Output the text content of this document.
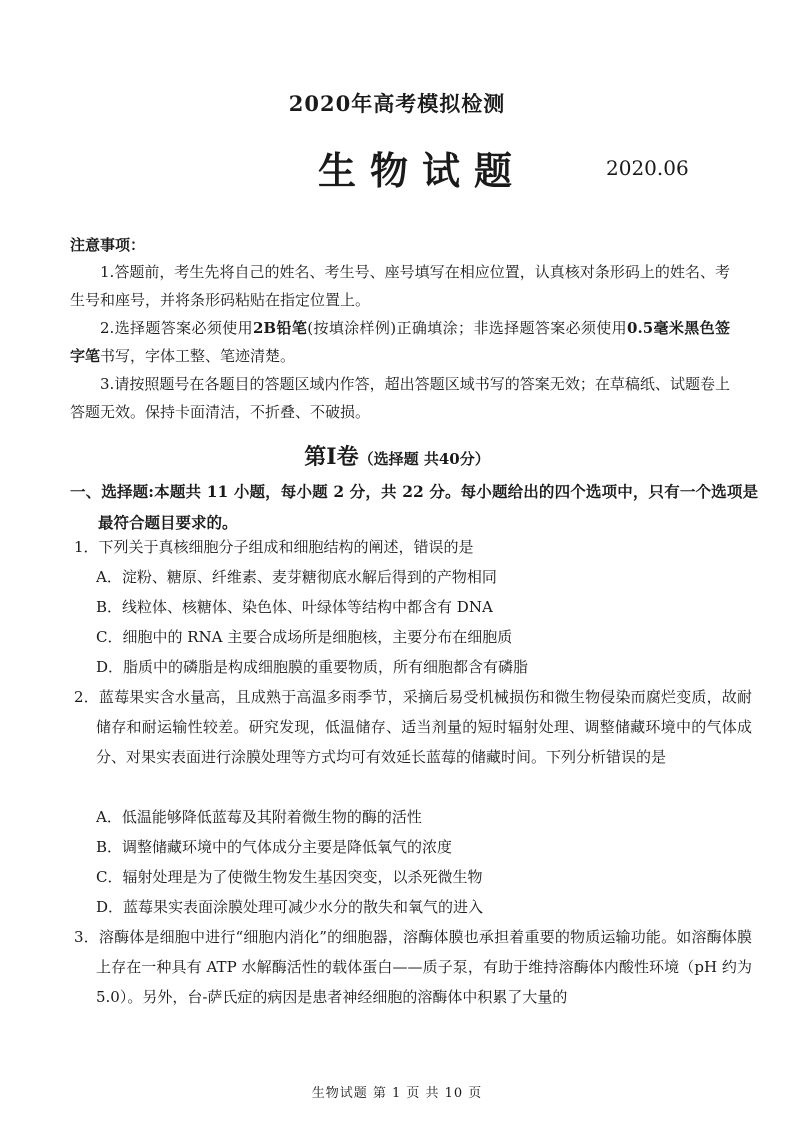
2020年高考模拟检测
生物试题	2020.06
注意事项：
1.答题前，考生先将自己的姓名、考生号、座号填写在相应位置，认真核对条形码上的姓名、考生号和座号，并将条形码粘贴在指定位置上。
2.选择题答案必须使用2B铅笔(按填涂样例)正确填涂；非选择题答案必须使用0.5毫米黑色签字笔书写，字体工整、笔迹清楚。
3.请按照题号在各题目的答题区域内作答，超出答题区域书写的答案无效；在草稿纸、试题卷上答题无效。保持卡面清洁，不折叠、不破损。
第Ⅰ卷（选择题 共40分）
一、选择题:本题共 11 小题，每小题 2 分，共 22 分。每小题给出的四个选项中，只有一个选项是最符合题目要求的。
1．下列关于真核细胞分子组成和细胞结构的阐述，错误的是
A．淀粉、糖原、纤维素、麦芽糖彻底水解后得到的产物相同
B．线粒体、核糖体、染色体、叶绿体等结构中都含有 DNA
C．细胞中的 RNA 主要合成场所是细胞核，主要分布在细胞质
D．脂质中的磷脂是构成细胞膜的重要物质，所有细胞都含有磷脂
2．蓝莓果实含水量高，且成熟于高温多雨季节，采摘后易受机械损伤和微生物侵染而腐烂变质，故耐储存和耐运输性较差。研究发现，低温储存、适当剂量的短时辐射处理、调整储藏环境中的气体成分、对果实表面进行涂膜处理等方式均可有效延长蓝莓的储藏时间。下列分析错误的是
A．低温能够降低蓝莓及其附着微生物的酶的活性
B．调整储藏环境中的气体成分主要是降低氧气的浓度
C．辐射处理是为了使微生物发生基因突变，以杀死微生物
D．蓝莓果实表面涂膜处理可减少水分的散失和氧气的进入
3．溶酶体是细胞中进行“细胞内消化”的细胞器，溶酶体膜也承担着重要的物质运输功能。如溶酶体膜上存在一种具有 ATP 水解酶活性的载体蛋白——质子泵，有助于维持溶酶体内酸性环境（pH 约为 5.0）。另外，台-萨氏症的病因是患者神经细胞的溶酶体中积累了大量的
生物试题 第 1 页 共 10 页
